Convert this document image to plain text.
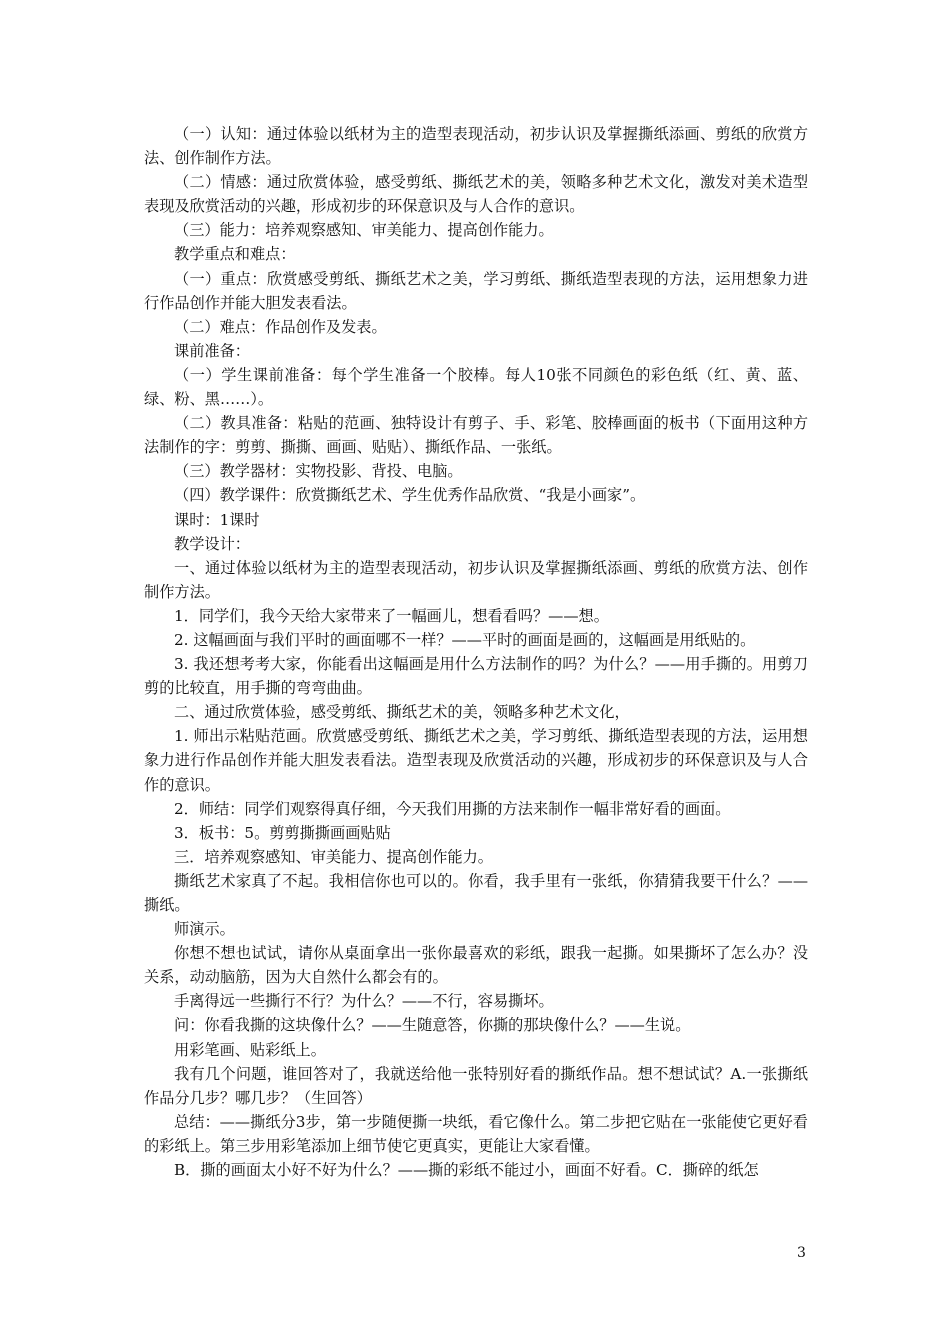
（一）认知：通过体验以纸材为主的造型表现活动，初步认识及掌握撕纸添画、剪纸的欣赏方法、创作制作方法。

（二）情感：通过欣赏体验，感受剪纸、撕纸艺术的美，领略多种艺术文化，激发对美术造型表现及欣赏活动的兴趣，形成初步的环保意识及与人合作的意识。

（三）能力：培养观察感知、审美能力、提高创作能力。

教学重点和难点：

（一）重点：欣赏感受剪纸、撕纸艺术之美，学习剪纸、撕纸造型表现的方法，运用想象力进行作品创作并能大胆发表看法。

（二）难点：作品创作及发表。

课前准备：

（一）学生课前准备：每个学生准备一个胶棒。每人10张不同颜色的彩色纸（红、黄、蓝、绿、粉、黑……）。

（二）教具准备：粘贴的范画、独特设计有剪子、手、彩笔、胶棒画面的板书（下面用这种方法制作的字：剪剪、撕撕、画画、贴贴）、撕纸作品、一张纸。

（三）教学器材：实物投影、背投、电脑。

（四）教学课件：欣赏撕纸艺术、学生优秀作品欣赏、“我是小画家”。

课时：1课时

教学设计：

一、通过体验以纸材为主的造型表现活动，初步认识及掌握撕纸添画、剪纸的欣赏方法、创作制作方法。

1．同学们，我今天给大家带来了一幅画儿，想看看吗？——想。

2. 这幅画面与我们平时的画面哪不一样？——平时的画面是画的，这幅画是用纸贴的。

3. 我还想考考大家，你能看出这幅画是用什么方法制作的吗？为什么？——用手撕的。用剪刀剪的比较直，用手撕的弯弯曲曲。

二、通过欣赏体验，感受剪纸、撕纸艺术的美，领略多种艺术文化，

1. 师出示粘贴范画。欣赏感受剪纸、撕纸艺术之美，学习剪纸、撕纸造型表现的方法，运用想象力进行作品创作并能大胆发表看法。造型表现及欣赏活动的兴趣，形成初步的环保意识及与人合作的意识。

2．师结：同学们观察得真仔细，今天我们用撕的方法来制作一幅非常好看的画面。

3．板书：5。剪剪撕撕画画贴贴

三．培养观察感知、审美能力、提高创作能力。

撕纸艺术家真了不起。我相信你也可以的。你看，我手里有一张纸，你猜猜我要干什么？——撕纸。

师演示。

你想不想也试试，请你从桌面拿出一张你最喜欢的彩纸，跟我一起撕。如果撕坏了怎么办？没关系，动动脑筋，因为大自然什么都会有的。

手离得远一些撕行不行？为什么？——不行，容易撕坏。

问：你看我撕的这块像什么？——生随意答，你撕的那块像什么？——生说。

用彩笔画、贴彩纸上。

我有几个问题，谁回答对了，我就送给他一张特别好看的撕纸作品。想不想试试？A.一张撕纸作品分几步？哪几步？（生回答）

总结：——撕纸分3步，第一步随便撕一块纸，看它像什么。第二步把它贴在一张能使它更好看的彩纸上。第三步用彩笔添加上细节使它更真实，更能让大家看懂。

B．撕的画面太小好不好为什么？——撕的彩纸不能过小，画面不好看。C．撕碎的纸怎

3
